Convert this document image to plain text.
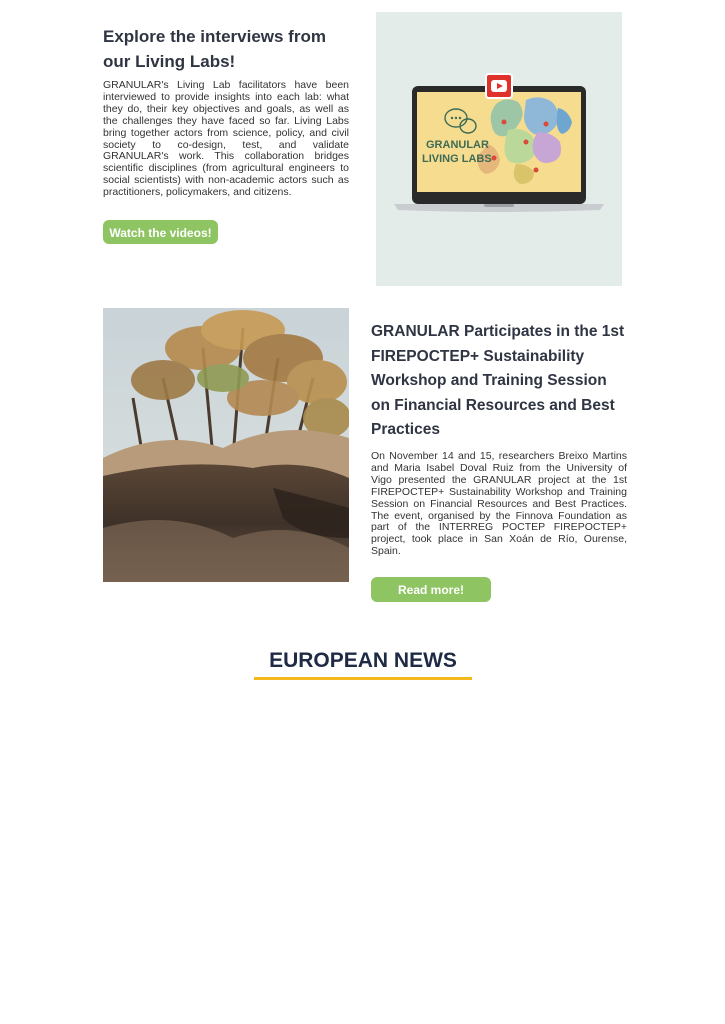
Explore the interviews from our Living Labs!

GRANULAR's Living Lab facilitators have been interviewed to provide insights into each lab: what they do, their key objectives and goals, as well as the challenges they have faced so far. Living Labs bring together actors from science, policy, and civil society to co-design, test, and validate GRANULAR's work. This collaboration bridges scientific disciplines (from agricultural engineers to social scientists) with non-academic actors such as practitioners, policymakers, and citizens.

Watch the videos!
GRANULAR
LIVING LABS
GRANULAR Participates in the 1st FIREPOCTEP+ Sustainability Workshop and Training Session on Financial Resources and Best Practices

On November 14 and 15, researchers Breixo Martins and Maria Isabel Doval Ruiz from the University of Vigo presented the GRANULAR project at the 1st FIREPOCTEP+ Sustainability Workshop and Training Session on Financial Resources and Best Practices. The event, organised by the Finnova Foundation as part of the INTERREG POCTEP FIREPOCTEP+ project, took place in San Xoán de Río, Ourense, Spain.

Read more!
EUROPEAN NEWS
